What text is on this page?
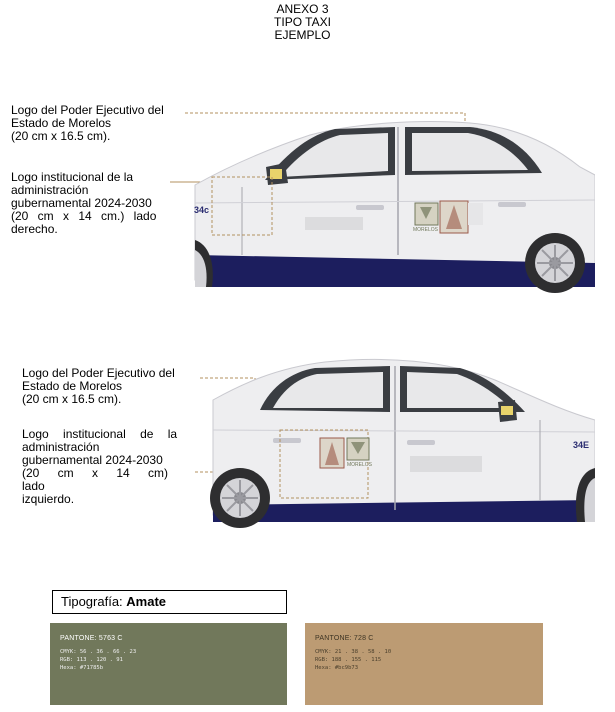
ANEXO 3
TIPO TAXI
EJEMPLO
Logo del Poder Ejecutivo del
Estado de Morelos
(20 cm x 16.5 cm).
Logo institucional de la
administración
gubernamental 2024-2030
(20 cm x 14 cm.) lado
derecho.
34c
MORELOS
Logo del Poder Ejecutivo del
Estado de Morelos
(20 cm x 16.5 cm).
Logo institucional de la
administración
gubernamental 2024-2030
(20 cm x 14 cm) lado
izquierdo.
34E
MORELOS
Tipografía: Amate
PANTONE: 5763 C
CMYK: 56 . 36 . 66 . 23
RGB: 113 . 120 . 91
Hexa: #71785b
PANTONE: 728 C
CMYK: 21 . 38 . 58 . 10
RGB: 188 . 155 . 115
Hexa: #bc9b73
